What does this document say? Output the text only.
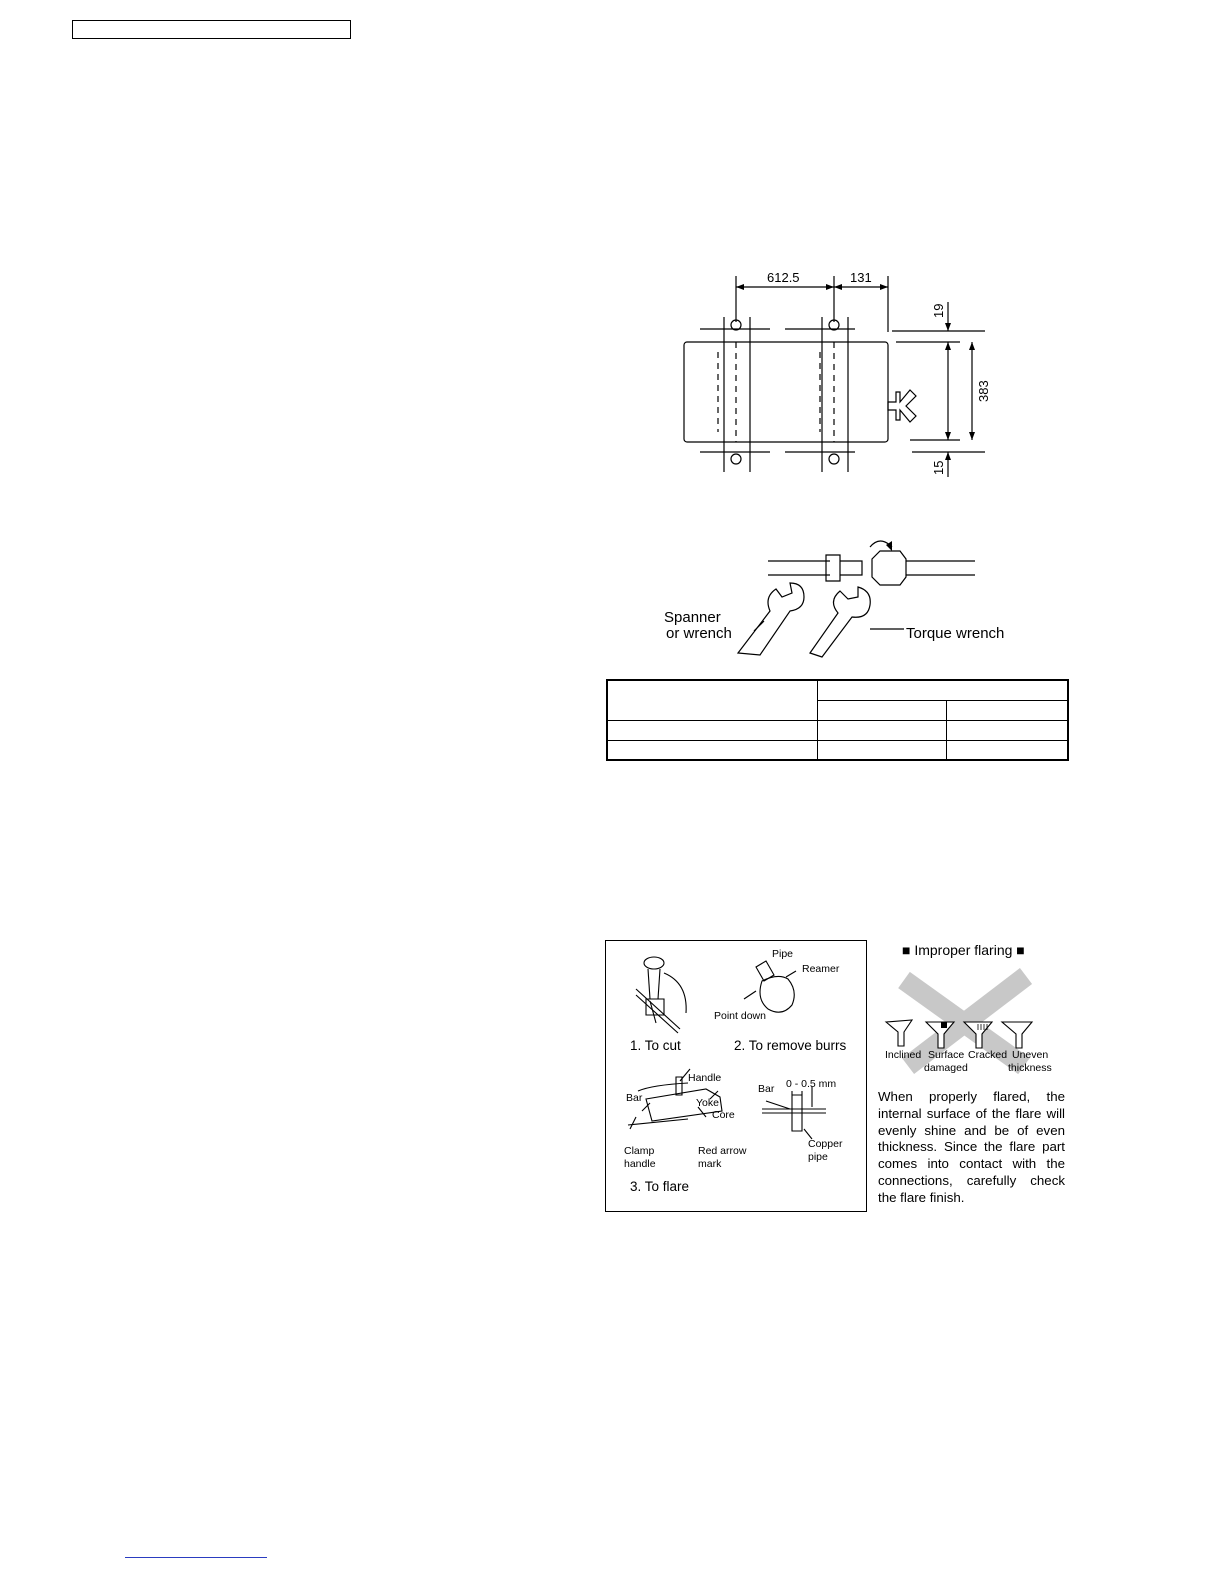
612.5	131
19
383
15
Spanner
or wrench	Torque wrench

Pipe
Reamer
Point down
1. To cut	2. To remove burrs
Handle
Bar	Yoke
Core
Clamp
handle
Red arrow
mark
Bar 0 - 0.5 mm
Copper
pipe
3. To flare
■ Improper flaring ■
Inclined Surface
damaged
Cracked Uneven
thickness
When properly flared, the internal surface of the flare will evenly shine and be of even thickness. Since the flare part comes into contact with the connections, carefully check the flare finish.
